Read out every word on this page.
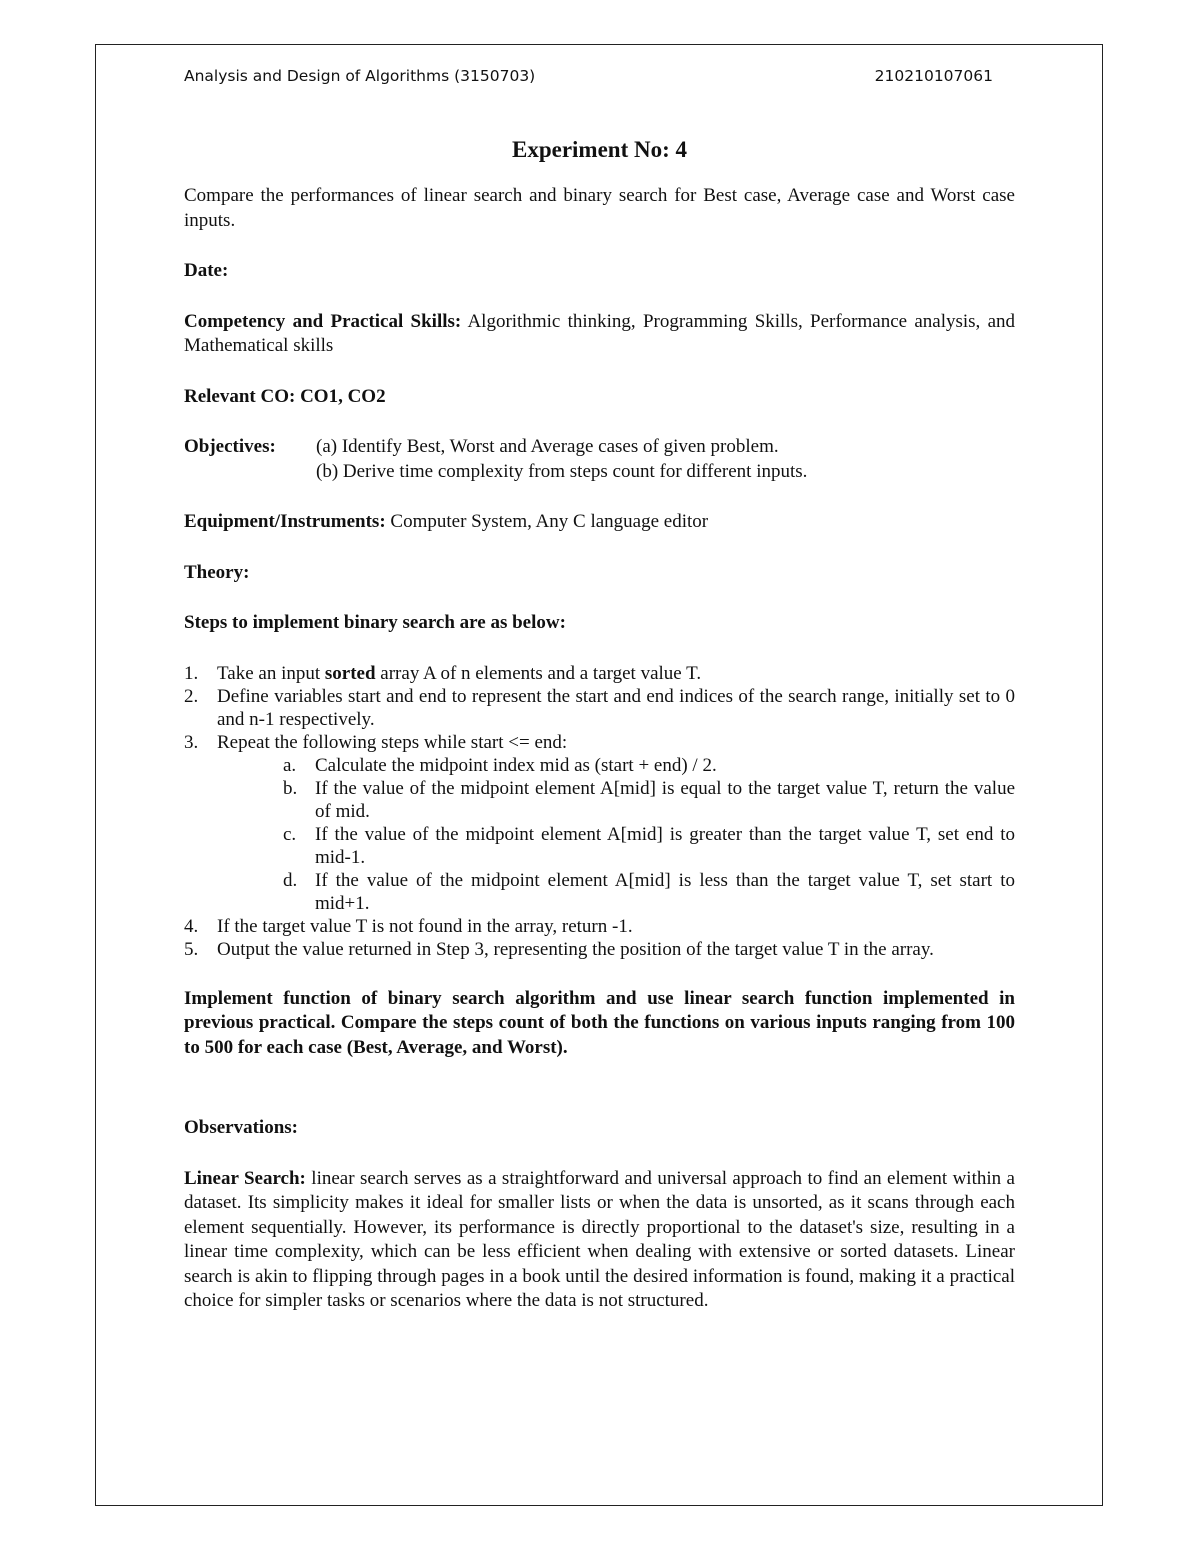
Analysis and Design of Algorithms (3150703)	210210107061
Experiment No: 4

Compare the performances of linear search and binary search for Best case, Average case and Worst case inputs.

Date:

Competency and Practical Skills: Algorithmic thinking, Programming Skills, Performance analysis, and Mathematical skills

Relevant CO: CO1, CO2

Objectives:	(a) Identify Best, Worst and Average cases of given problem.
(b) Derive time complexity from steps count for different inputs.

Equipment/Instruments: Computer System, Any C language editor

Theory:

Steps to implement binary search are as below:

1. Take an input sorted array A of n elements and a target value T.
2. Define variables start and end to represent the start and end indices of the search range, initially set to 0 and n-1 respectively.
3. Repeat the following steps while start <= end:
a. Calculate the midpoint index mid as (start + end) / 2.
b. If the value of the midpoint element A[mid] is equal to the target value T, return the value of mid.
c. If the value of the midpoint element A[mid] is greater than the target value T, set end to mid-1.
d. If the value of the midpoint element A[mid] is less than the target value T, set start to mid+1.
4. If the target value T is not found in the array, return -1.
5. Output the value returned in Step 3, representing the position of the target value T in the array.

Implement function of binary search algorithm and use linear search function implemented in previous practical. Compare the steps count of both the functions on various inputs ranging from 100 to 500 for each case (Best, Average, and Worst).

Observations:

Linear Search: linear search serves as a straightforward and universal approach to find an element within a dataset. Its simplicity makes it ideal for smaller lists or when the data is unsorted, as it scans through each element sequentially. However, its performance is directly proportional to the dataset's size, resulting in a linear time complexity, which can be less efficient when dealing with extensive or sorted datasets. Linear search is akin to flipping through pages in a book until the desired information is found, making it a practical choice for simpler tasks or scenarios where the data is not structured.
